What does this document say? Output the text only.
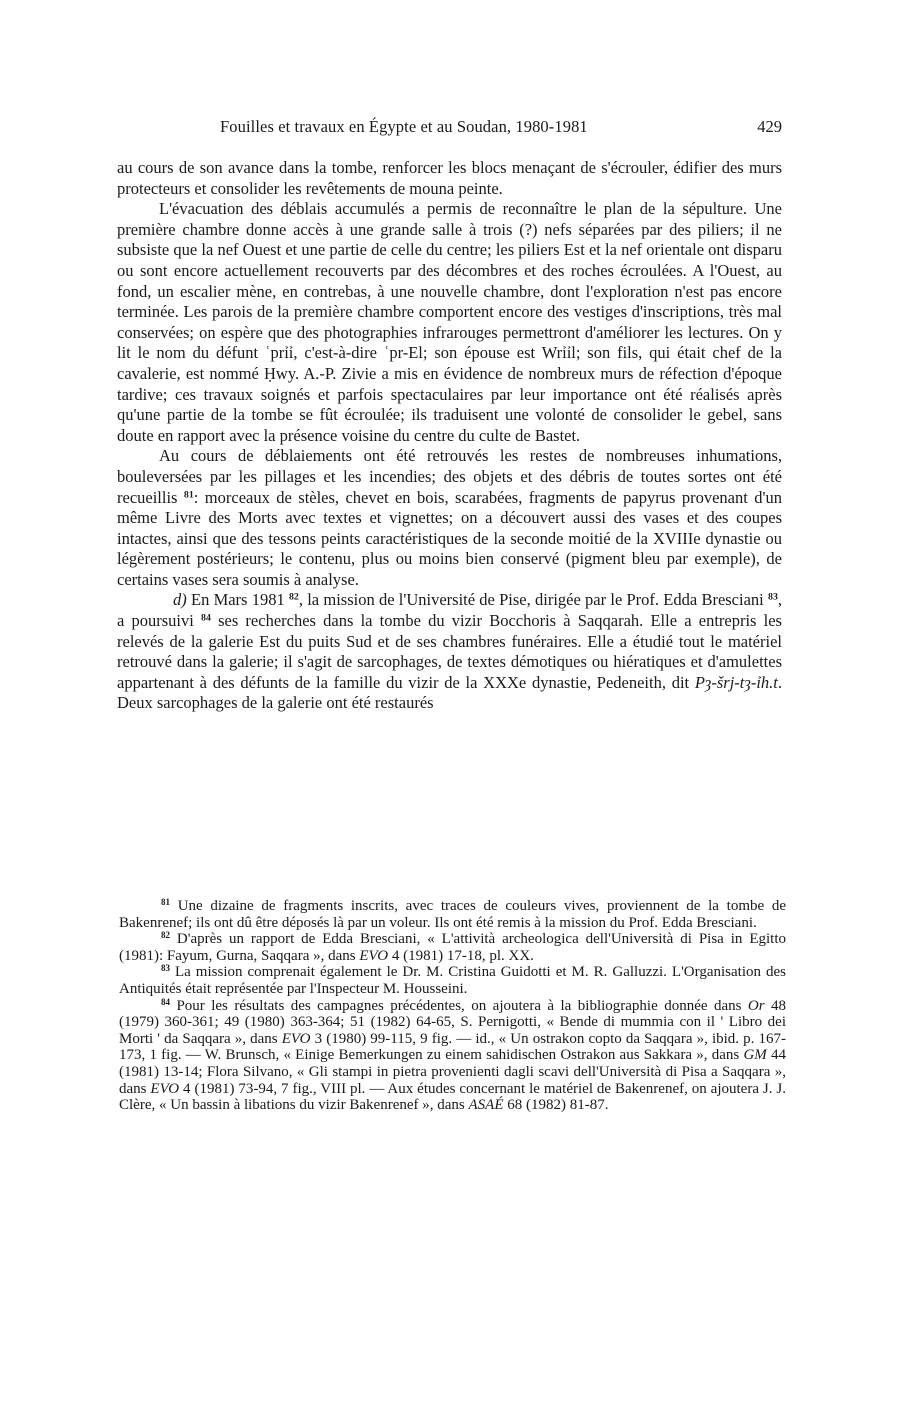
Fouilles et travaux en Égypte et au Soudan, 1980-1981	429

au cours de son avance dans la tombe, renforcer les blocs menaçant de s'écrouler, édifier des murs protecteurs et consolider les revêtements de mouna peinte.

L'évacuation des déblais accumulés a permis de reconnaître le plan de la sépulture. Une première chambre donne accès à une grande salle à trois (?) nefs séparées par des piliers; il ne subsiste que la nef Ouest et une partie de celle du centre; les piliers Est et la nef orientale ont disparu ou sont encore actuellement recouverts par des décombres et des roches écroulées. A l'Ouest, au fond, un escalier mène, en contrebas, à une nouvelle chambre, dont l'exploration n'est pas encore terminée. Les parois de la première chambre comportent encore des vestiges d'inscriptions, très mal conservées; on espère que des photographies infrarouges permettront d'améliorer les lectures. On y lit le nom du défunt ʿprỉỉ, c'est-à-dire ʿpr-El; son épouse est Wrỉỉl; son fils, qui était chef de la cavalerie, est nommé Ḥwy. A.-P. Zivie a mis en évidence de nombreux murs de réfection d'époque tardive; ces travaux soignés et parfois spectaculaires par leur importance ont été réalisés après qu'une partie de la tombe se fût écroulée; ils traduisent une volonté de consolider le gebel, sans doute en rapport avec la présence voisine du centre du culte de Bastet.

Au cours de déblaiements ont été retrouvés les restes de nombreuses inhumations, bouleversées par les pillages et les incendies; des objets et des débris de toutes sortes ont été recueillis $^{81}$: morceaux de stèles, chevet en bois, scarabées, fragments de papyrus provenant d'un même Livre des Morts avec textes et vignettes; on a découvert aussi des vases et des coupes intactes, ainsi que des tessons peints caractéristiques de la seconde moitié de la XVIIIe dynastie ou légèrement postérieurs; le contenu, plus ou moins bien conservé (pigment bleu par exemple), de certains vases sera soumis à analyse.

d) En Mars 1981 $^{82}$, la mission de l'Université de Pise, dirigée par le Prof. Edda Bresciani $^{83}$, a poursuivi $^{84}$ ses recherches dans la tombe du vizir Bocchoris à Saqqarah. Elle a entrepris les relevés de la galerie Est du puits Sud et de ses chambres funéraires. Elle a étudié tout le matériel retrouvé dans la galerie; il s'agit de sarcophages, de textes démotiques ou hiératiques et d'amulettes appartenant à des défunts de la famille du vizir de la XXXe dynastie, Pedeneith, dit Pȝ-šrj-tȝ-ỉh.t. Deux sarcophages de la galerie ont été restaurés

$^{81}$ Une dizaine de fragments inscrits, avec traces de couleurs vives, proviennent de la tombe de Bakenrenef; ils ont dû être déposés là par un voleur. Ils ont été remis à la mission du Prof. Edda Bresciani.

$^{82}$ D'après un rapport de Edda Bresciani, « L'attività archeologica dell'Università di Pisa in Egitto (1981): Fayum, Gurna, Saqqara », dans EVO 4 (1981) 17-18, pl. XX.

$^{83}$ La mission comprenait également le Dr. M. Cristina Guidotti et M. R. Galluzzi. L'Organisation des Antiquités était représentée par l'Inspecteur M. Housseini.

$^{84}$ Pour les résultats des campagnes précédentes, on ajoutera à la bibliographie donnée dans Or 48 (1979) 360-361; 49 (1980) 363-364; 51 (1982) 64-65, S. Pernigotti, « Bende di mummia con il ' Libro dei Morti ' da Saqqara », dans EVO 3 (1980) 99-115, 9 fig. — id., « Un ostrakon copto da Saqqara », ibid. p. 167-173, 1 fig. — W. Brunsch, « Einige Bemerkungen zu einem sahidischen Ostrakon aus Sakkara », dans GM 44 (1981) 13-14; Flora Silvano, « Gli stampi in pietra provenienti dagli scavi dell'Università di Pisa a Saqqara », dans EVO 4 (1981) 73-94, 7 fig., VIII pl. — Aux études concernant le matériel de Bakenrenef, on ajoutera J. J. Clère, « Un bassin à libations du vizir Bakenrenef », dans ASAÉ 68 (1982) 81-87.
